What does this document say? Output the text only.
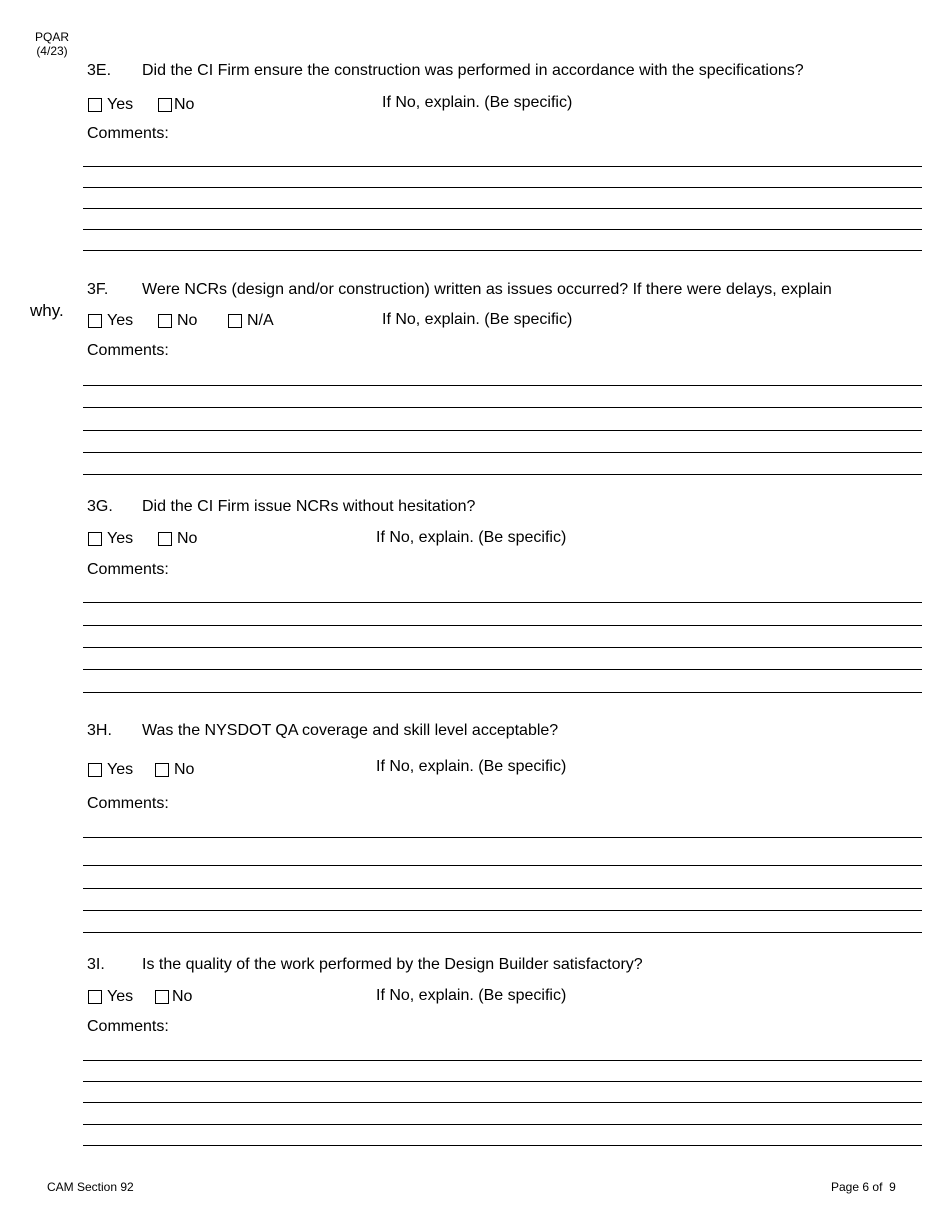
PQAR
(4/23)
3E. Did the CI Firm ensure the construction was performed in accordance with the specifications?
Yes	No	If No, explain. (Be specific)
Comments:
3F. Were NCRs (design and/or construction) written as issues occurred? If there were delays, explain
why.
Yes	No	N/A	If No, explain. (Be specific)
Comments:
3G. Did the CI Firm issue NCRs without hesitation?
Yes	No	If No, explain. (Be specific)
Comments:
3H. Was the NYSDOT QA coverage and skill level acceptable?
Yes	No	If No, explain. (Be specific)
Comments:
3I. Is the quality of the work performed by the Design Builder satisfactory?
Yes No	If No, explain. (Be specific)
Comments:
CAM Section 92	Page 6 of 9
